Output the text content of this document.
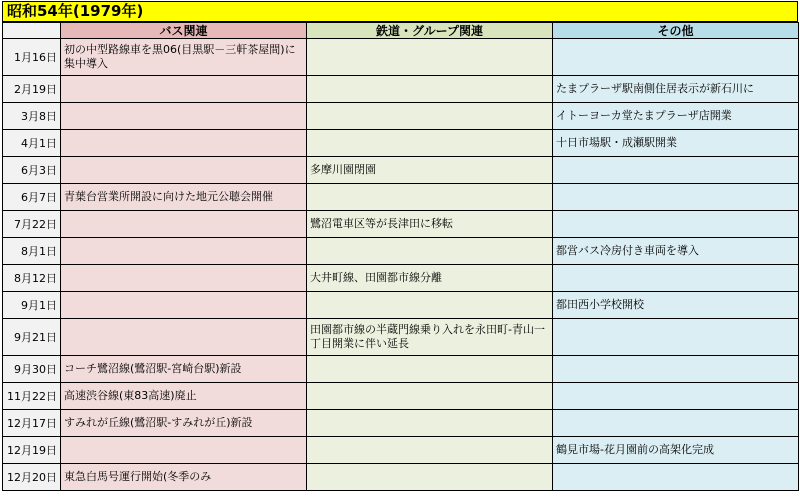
昭和54年(1979年)
	バス関連	鉄道・グループ関連	その他
1月16日	初の中型路線車を黒06(目黒駅－三軒茶屋間)に集中導入		
2月19日			たまプラーザ駅南側住居表示が新石川に
3月8日			イトーヨーカ堂たまプラーザ店開業
4月1日			十日市場駅・成瀬駅開業
6月3日		多摩川園閉園	
6月7日	青葉台営業所開設に向けた地元公聴会開催		
7月22日		鷺沼電車区等が長津田に移転	
8月1日			都営バス冷房付き車両を導入
8月12日		大井町線、田園都市線分離	
9月1日			都田西小学校開校
9月21日		田園都市線の半蔵門線乗り入れを永田町-青山一丁目開業に伴い延長	
9月30日	コーチ鷺沼線(鷺沼駅-宮崎台駅)新設		
11月22日	高速渋谷線(東83高速)廃止		
12月17日	すみれが丘線(鷺沼駅-すみれが丘)新設		
12月19日			鶴見市場-花月園前の高架化完成
12月20日	東急白馬号運行開始(冬季のみ		
